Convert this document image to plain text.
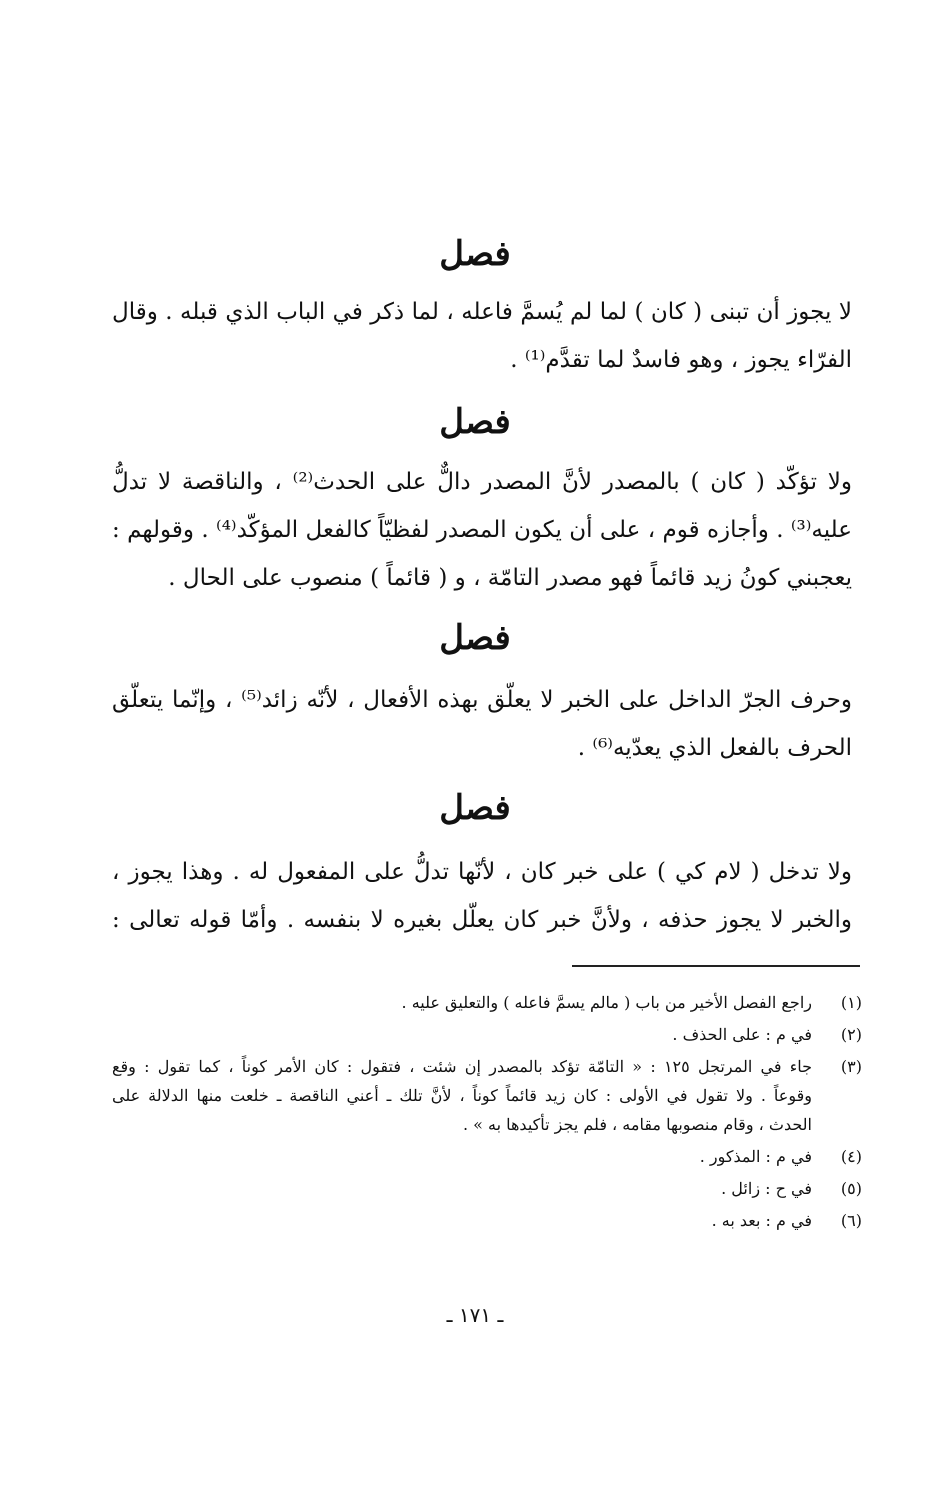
فصل
لا يجوز أن تبنى ( كان ) لما لم يُسمَّ فاعله ، لما ذكر في الباب الذي قبله . وقال
الفرّاء يجوز ، وهو فاسدٌ لما تقدَّم⁽¹⁾ .
فصل
ولا تؤكّد ( كان ) بالمصدر لأنَّ المصدر دالٌّ على الحدث⁽²⁾ ، والناقصة لا تدلُّ
عليه⁽³⁾ . وأجازه قوم ، على أن يكون المصدر لفظيّاً كالفعل المؤكّد⁽⁴⁾ . وقولهم :
يعجبني كونُ زيد قائماً فهو مصدر التامّة ، و ( قائماً ) منصوب على الحال .
فصل
وحرف الجرّ الداخل على الخبر لا يعلّق بهذه الأفعال ، لأنّه زائد⁽⁵⁾ ، وإنّما يتعلّق
الحرف بالفعل الذي يعدّيه⁽⁶⁾ .
فصل
ولا تدخل ( لام كي ) على خبر كان ، لأنّها تدلُّ على المفعول له . وهذا يجوز ،
والخبر لا يجوز حذفه ، ولأنَّ خبر كان يعلّل بغيره لا بنفسه . وأمّا قوله تعالى :
(١)
راجع الفصل الأخير من باب ( مالم يسمَّ فاعله ) والتعليق عليه .
(٢)
في م : على الحذف .
(٣)
جاء في المرتجل ١٢٥ : « التامّة تؤكد بالمصدر إن شئت ، فتقول : كان الأمر كوناً ، كما تقول : وقع
وقوعاً . ولا تقول في الأولى : كان زيد قائماً كوناً ، لأنَّ تلك ـ أعني الناقصة ـ خلعت منها الدلالة على
الحدث ، وقام منصوبها مقامه ، فلم يجز تأكيدها به » .
(٤)
في م : المذكور .
(٥)
في ح : زائل .
(٦)
في م : بعد به .
ـ ١٧١ ـ
